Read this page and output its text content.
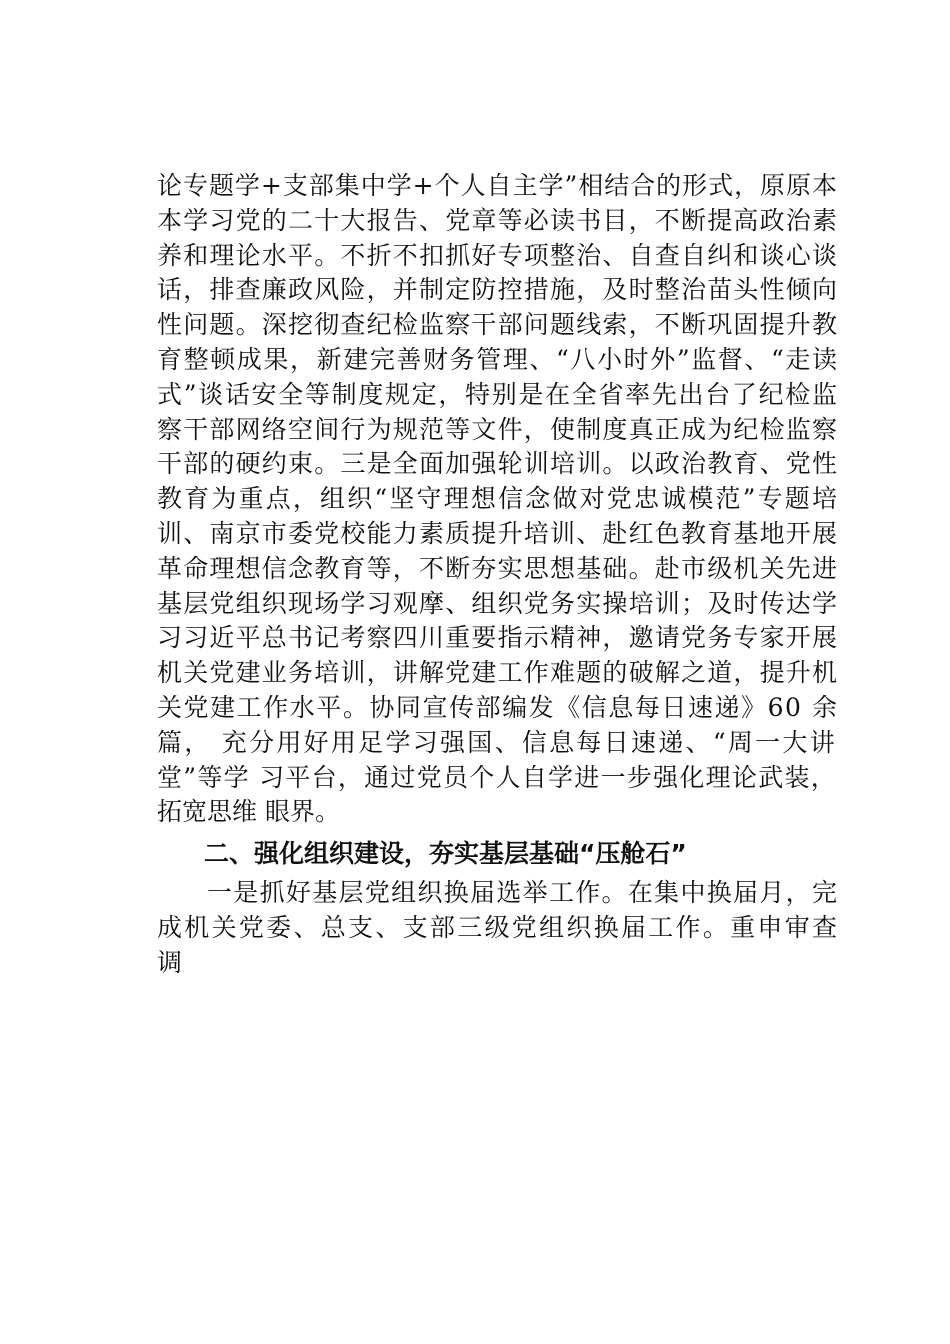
论专题学+支部集中学+个人自主学”相结合的形式，原原本
本学习党的二十大报告、党章等必读书目，不断提高政治素
养和理论水平。不折不扣抓好专项整治、自查自纠和谈心谈
话，排查廉政风险，并制定防控措施，及时整治苗头性倾向
性问题。深挖彻查纪检监察干部问题线索，不断巩固提升教
育整顿成果，新建完善财务管理、“八小时外”监督、“走读
式”谈话安全等制度规定，特别是在全省率先出台了纪检监
察干部网络空间行为规范等文件，使制度真正成为纪检监察
干部的硬约束。三是全面加强轮训培训。以政治教育、党性
教育为重点，组织“坚守理想信念做对党忠诚模范”专题培
训、南京市委党校能力素质提升培训、赴红色教育基地开展
革命理想信念教育等，不断夯实思想基础。赴市级机关先进
基层党组织现场学习观摩、组织党务实操培训；及时传达学
习习近平总书记考察四川重要指示精神，邀请党务专家开展
机关党建业务培训，讲解党建工作难题的破解之道，提升机
关党建工作水平。协同宣传部编发《信息每日速递》60 余
篇， 充分用好用足学习强国、信息每日速递、“周一大讲
堂”等学 习平台，通过党员个人自学进一步强化理论武装，
拓宽思维 眼界。
二、强化组织建设，夯实基层基础“压舱石”
一是抓好基层党组织换届选举工作。在集中换届月，完
成机关党委、总支、支部三级党组织换届工作。重申审查
调
